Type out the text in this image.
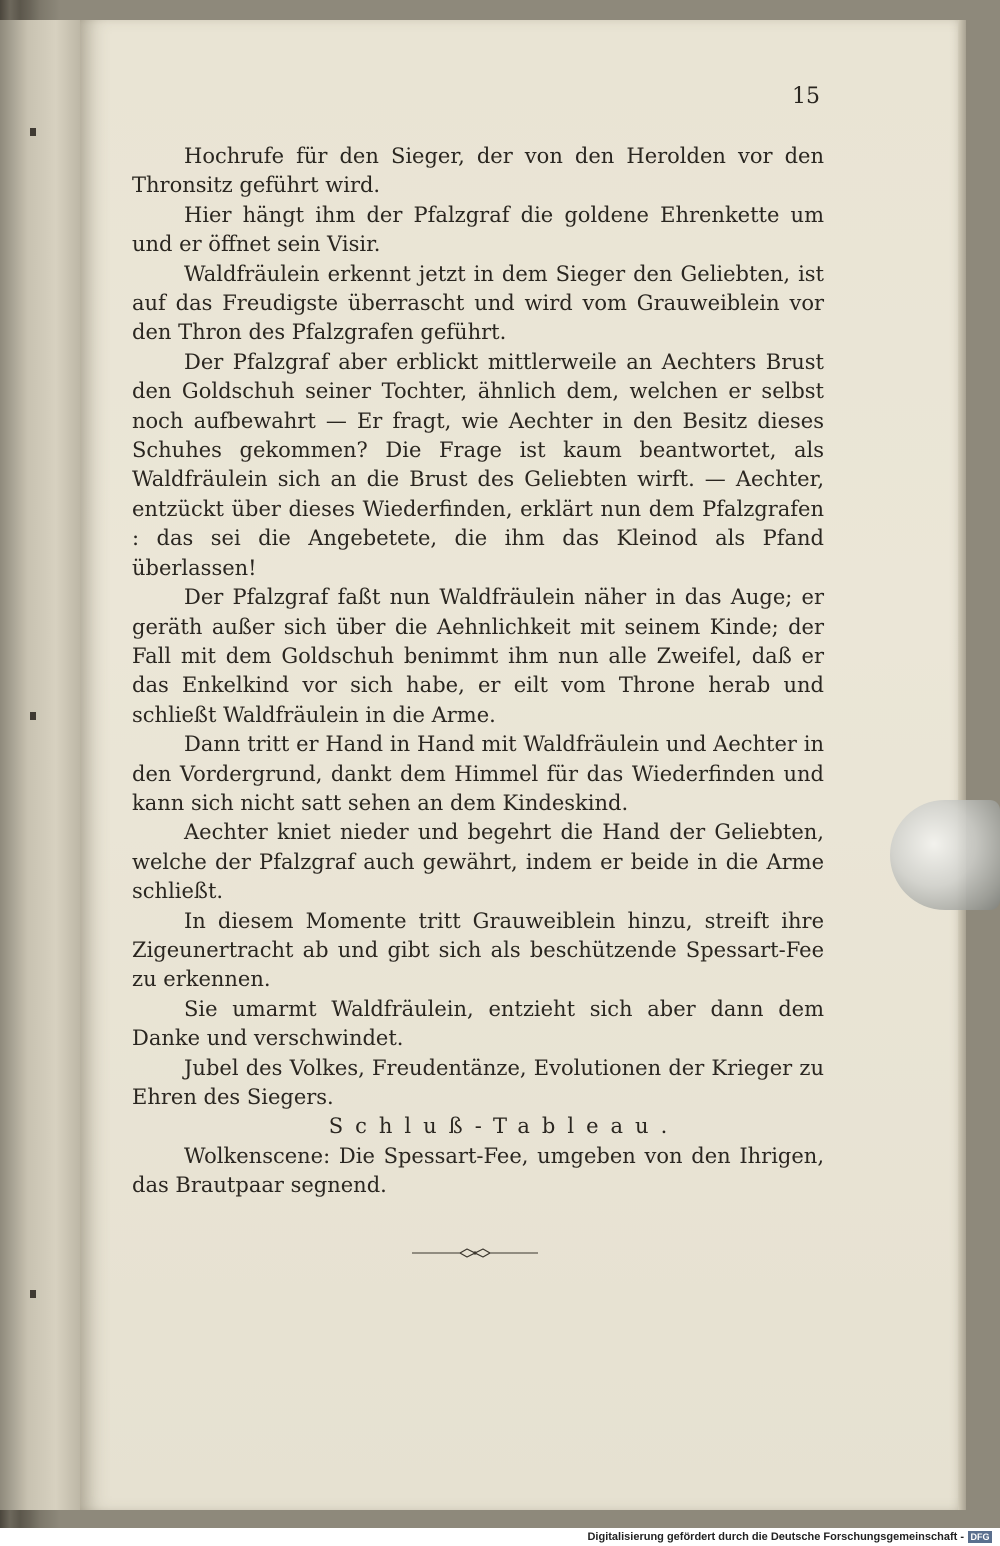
15

Hochrufe für den Sieger, der von den Herolden vor den Thronsitz geführt wird.

Hier hängt ihm der Pfalzgraf die goldene Ehrenkette um und er öffnet sein Visir.

Waldfräulein erkennt jetzt in dem Sieger den Geliebten, ist auf das Freudigste überrascht und wird vom Grauweiblein vor den Thron des Pfalzgrafen geführt.

Der Pfalzgraf aber erblickt mittlerweile an Aechters Brust den Goldschuh seiner Tochter, ähnlich dem, welchen er selbst noch aufbewahrt — Er fragt, wie Aechter in den Besitz dieses Schuhes gekommen? Die Frage ist kaum beantwortet, als Waldfräulein sich an die Brust des Geliebten wirft. — Aechter, entzückt über dieses Wiederfinden, erklärt nun dem Pfalzgrafen : das sei die Angebetete, die ihm das Kleinod als Pfand überlassen!

Der Pfalzgraf faßt nun Waldfräulein näher in das Auge; er geräth außer sich über die Aehnlichkeit mit seinem Kinde; der Fall mit dem Goldschuh benimmt ihm nun alle Zweifel, daß er das Enkelkind vor sich habe, er eilt vom Throne herab und schließt Waldfräulein in die Arme.

Dann tritt er Hand in Hand mit Waldfräulein und Aechter in den Vordergrund, dankt dem Himmel für das Wiederfinden und kann sich nicht satt sehen an dem Kindeskind.

Aechter kniet nieder und begehrt die Hand der Geliebten, welche der Pfalzgraf auch gewährt, indem er beide in die Arme schließt.

In diesem Momente tritt Grauweiblein hinzu, streift ihre Zigeunertracht ab und gibt sich als beschützende Spessart-Fee zu erkennen.

Sie umarmt Waldfräulein, entzieht sich aber dann dem Danke und verschwindet.

Jubel des Volkes, Freudentänze, Evolutionen der Krieger zu Ehren des Siegers.

Schluß-Tableau.

Wolkenscene: Die Spessart-Fee, umgeben von den Ihrigen, das Brautpaar segnend.

Digitalisierung gefördert durch die Deutsche Forschungsgemeinschaft - DFG
